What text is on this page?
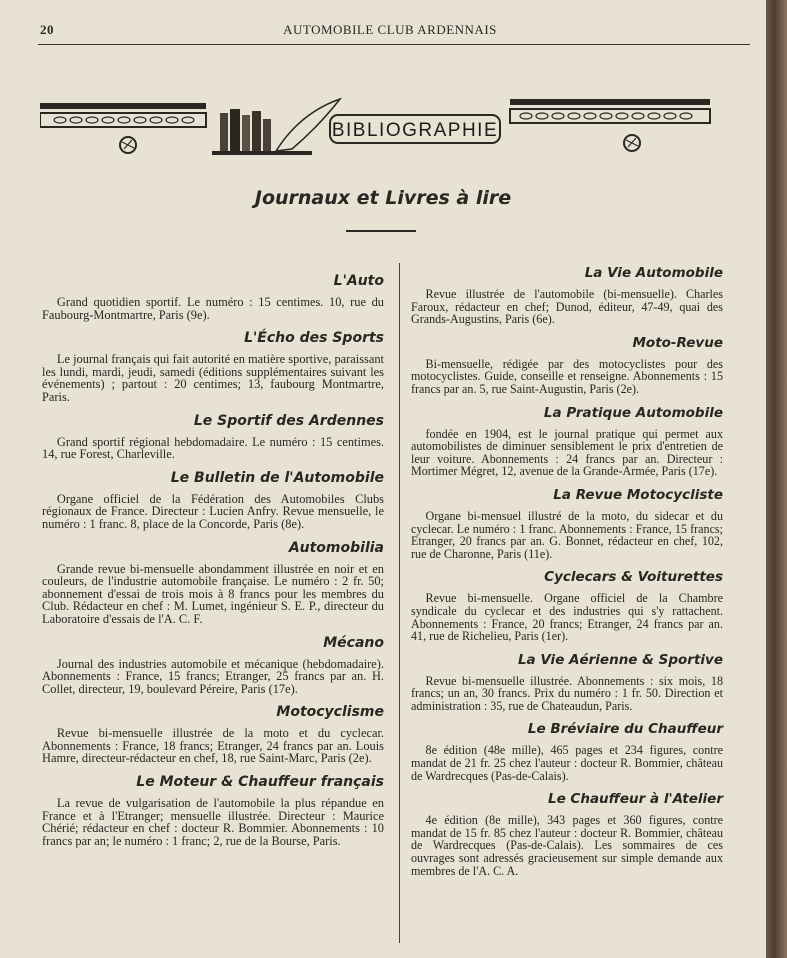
20	AUTOMOBILE CLUB ARDENNAIS
BIBLIOGRAPHIE
Journaux et Livres à lire
L'Auto

Grand quotidien sportif. Le numéro : 15 centimes. 10, rue du Faubourg-Montmartre, Paris (9e).

L'Écho des Sports

Le journal français qui fait autorité en matière sportive, paraissant les lundi, mardi, jeudi, samedi (éditions supplémentaires suivant les événements) ; partout : 20 centimes; 13, faubourg Montmartre, Paris.

Le Sportif des Ardennes

Grand sportif régional hebdomadaire. Le numéro : 15 centimes. 14, rue Forest, Charleville.

Le Bulletin de l'Automobile

Organe officiel de la Fédération des Automobiles Clubs régionaux de France. Directeur : Lucien Anfry. Revue mensuelle, le numéro : 1 franc. 8, place de la Concorde, Paris (8e).

Automobilia

Grande revue bi-mensuelle abondamment illustrée en noir et en couleurs, de l'industrie automobile française. Le numéro : 2 fr. 50; abonnement d'essai de trois mois à 8 francs pour les membres du Club. Rédacteur en chef : M. Lumet, ingénieur S. E. P., directeur du Laboratoire d'essais de l'A. C. F.

Mécano

Journal des industries automobile et mécanique (hebdomadaire). Abonnements : France, 15 francs; Etranger, 25 francs par an. H. Collet, directeur, 19, boulevard Péreire, Paris (17e).

Motocyclisme

Revue bi-mensuelle illustrée de la moto et du cyclecar. Abonnements : France, 18 francs; Etranger, 24 francs par an. Louis Hamre, directeur-rédacteur en chef, 18, rue Saint-Marc, Paris (2e).

Le Moteur & Chauffeur français

La revue de vulgarisation de l'automobile la plus répandue en France et à l'Etranger; mensuelle illustrée. Directeur : Maurice Chérié; rédacteur en chef : docteur R. Bommier. Abonnements : 10 francs par an; le numéro : 1 franc; 2, rue de la Bourse, Paris.

La Vie Automobile

Revue illustrée de l'automobile (bi-mensuelle). Charles Faroux, rédacteur en chef; Dunod, éditeur, 47-49, quai des Grands-Augustins, Paris (6e).

Moto-Revue

Bi-mensuelle, rédigée par des motocyclistes pour des motocyclistes. Guide, conseille et renseigne. Abonnements : 15 francs par an. 5, rue Saint-Augustin, Paris (2e).

La Pratique Automobile

fondée en 1904, est le journal pratique qui permet aux automobilistes de diminuer sensiblement le prix d'entretien de leur voiture. Abonnements : 24 francs par an. Directeur : Mortimer Mégret, 12, avenue de la Grande-Armée, Paris (17e).

La Revue Motocycliste

Organe bi-mensuel illustré de la moto, du sidecar et du cyclecar. Le numéro : 1 franc. Abonnements : France, 15 francs; Etranger, 20 francs par an. G. Bonnet, rédacteur en chef, 102, rue de Charonne, Paris (11e).

Cyclecars & Voiturettes

Revue bi-mensuelle. Organe officiel de la Chambre syndicale du cyclecar et des industries qui s'y rattachent. Abonnements : France, 20 francs; Etranger, 24 francs par an. 41, rue de Richelieu, Paris (1er).

La Vie Aérienne & Sportive

Revue bi-mensuelle illustrée. Abonnements : six mois, 18 francs; un an, 30 francs. Prix du numéro : 1 fr. 50. Direction et administration : 35, rue de Chateaudun, Paris.

Le Bréviaire du Chauffeur

8e édition (48e mille), 465 pages et 234 figures, contre mandat de 21 fr. 25 chez l'auteur : docteur R. Bommier, château de Wardrecques (Pas-de-Calais).

Le Chauffeur à l'Atelier

4e édition (8e mille), 343 pages et 360 figures, contre mandat de 15 fr. 85 chez l'auteur : docteur R. Bommier, château de Wardrecques (Pas-de-Calais). Les sommaires de ces ouvrages sont adressés gracieusement sur simple demande aux membres de l'A. C. A.
